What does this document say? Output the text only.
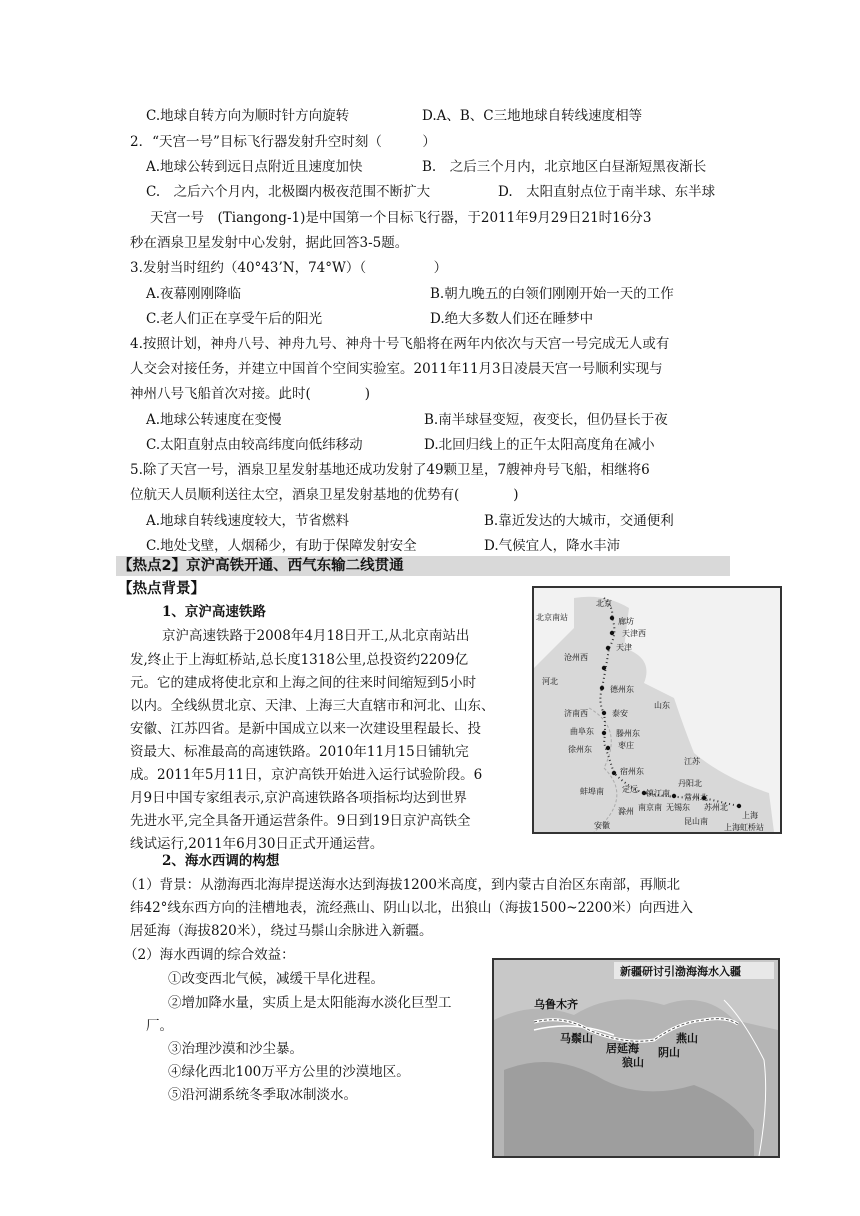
C.地球自转方向为顺时针方向旋转	D.A、B、C三地地球自转线速度相等
2．“天宫一号”目标飞行器发射升空时刻（　　　）
A.地球公转到远日点附近且速度加快	B.　之后三个月内，北京地区白昼渐短黑夜渐长
C.　之后六个月内，北极圈内极夜范围不断扩大	D.　太阳直射点位于南半球、东半球
天宫一号　(Tiangong-1)是中国第一个目标飞行器，于2011年9月29日21时16分3
秒在酒泉卫星发射中心发射，据此回答3-5题。
3.发射当时纽约（40°43’N，74°W）（　　　　　）
A.夜幕刚刚降临	B.朝九晚五的白领们刚刚开始一天的工作
C.老人们正在享受午后的阳光	D.绝大多数人们还在睡梦中
4.按照计划，神舟八号、神舟九号、神舟十号飞船将在两年内依次与天宫一号完成无人或有
人交会对接任务，并建立中国首个空间实验室。2011年11月3日凌晨天宫一号顺利实现与
神州八号飞船首次对接。此时(　　　　)
A.地球公转速度在变慢	B.南半球昼变短，夜变长，但仍昼长于夜
C.太阳直射点由较高纬度向低纬移动	D.北回归线上的正午太阳高度角在减小
5.除了天宫一号，酒泉卫星发射基地还成功发射了49颗卫星，7艘神舟号飞船，相继将6
位航天人员顺利送往太空，酒泉卫星发射基地的优势有(　　　　)
A.地球自转线速度较大，节省燃料	B.靠近发达的大城市，交通便利
C.地处戈壁，人烟稀少，有助于保障发射安全	D.气候宜人，降水丰沛
【热点2】京沪高铁开通、西气东输二线贯通
【热点背景】
1、京沪高速铁路
京沪高速铁路于2008年4月18日开工,从北京南站出
发,终止于上海虹桥站,总长度1318公里,总投资约2209亿
元。它的建成将使北京和上海之间的往来时间缩短到5小时
以内。全线纵贯北京、天津、上海三大直辖市和河北、山东、
安徽、江苏四省。是新中国成立以来一次建设里程最长、投
资最大、标准最高的高速铁路。2010年11月15日铺轨完
成。2011年5月11日，京沪高铁开始进入运行试验阶段。6
月9日中国专家组表示,京沪高速铁路各项指标均达到世界
先进水平,完全具备开通运营条件。9日到19日京沪高铁全
线试运行,2011年6月30日正式开通运营。
北京南站
北京
廊坊
天津西
天津
沧州西
德州东
济南西	泰安
曲阜东	滕州东
枣庄
徐州东
宿州东
蚌埠南 定远
滁州
镇江南
丹阳北
常州北
无锡东 苏州北
南京南
昆山南
上海
上海虹桥站
河北
山东
江苏
安徽
2、海水西调的构想
（1）背景：从渤海西北海岸提送海水达到海拔1200米高度，到内蒙古自治区东南部，再顺北
纬42°线东西方向的洼槽地表，流经燕山、阴山以北，出狼山（海拔1500~2200米）向西进入
居延海（海拔820米），绕过马鬃山余脉进入新疆。
（2）海水西调的综合效益：
①改变西北气候，减缓干旱化进程。
②增加降水量，实质上是太阳能海水淡化巨型工
厂。
③治理沙漠和沙尘暴。
④绿化西北100万平方公里的沙漠地区。
⑤沿河湖系统冬季取冰制淡水。
新疆研讨引渤海海水入疆
乌鲁木齐
马鬃山
居延海
狼山
阴山
燕山
